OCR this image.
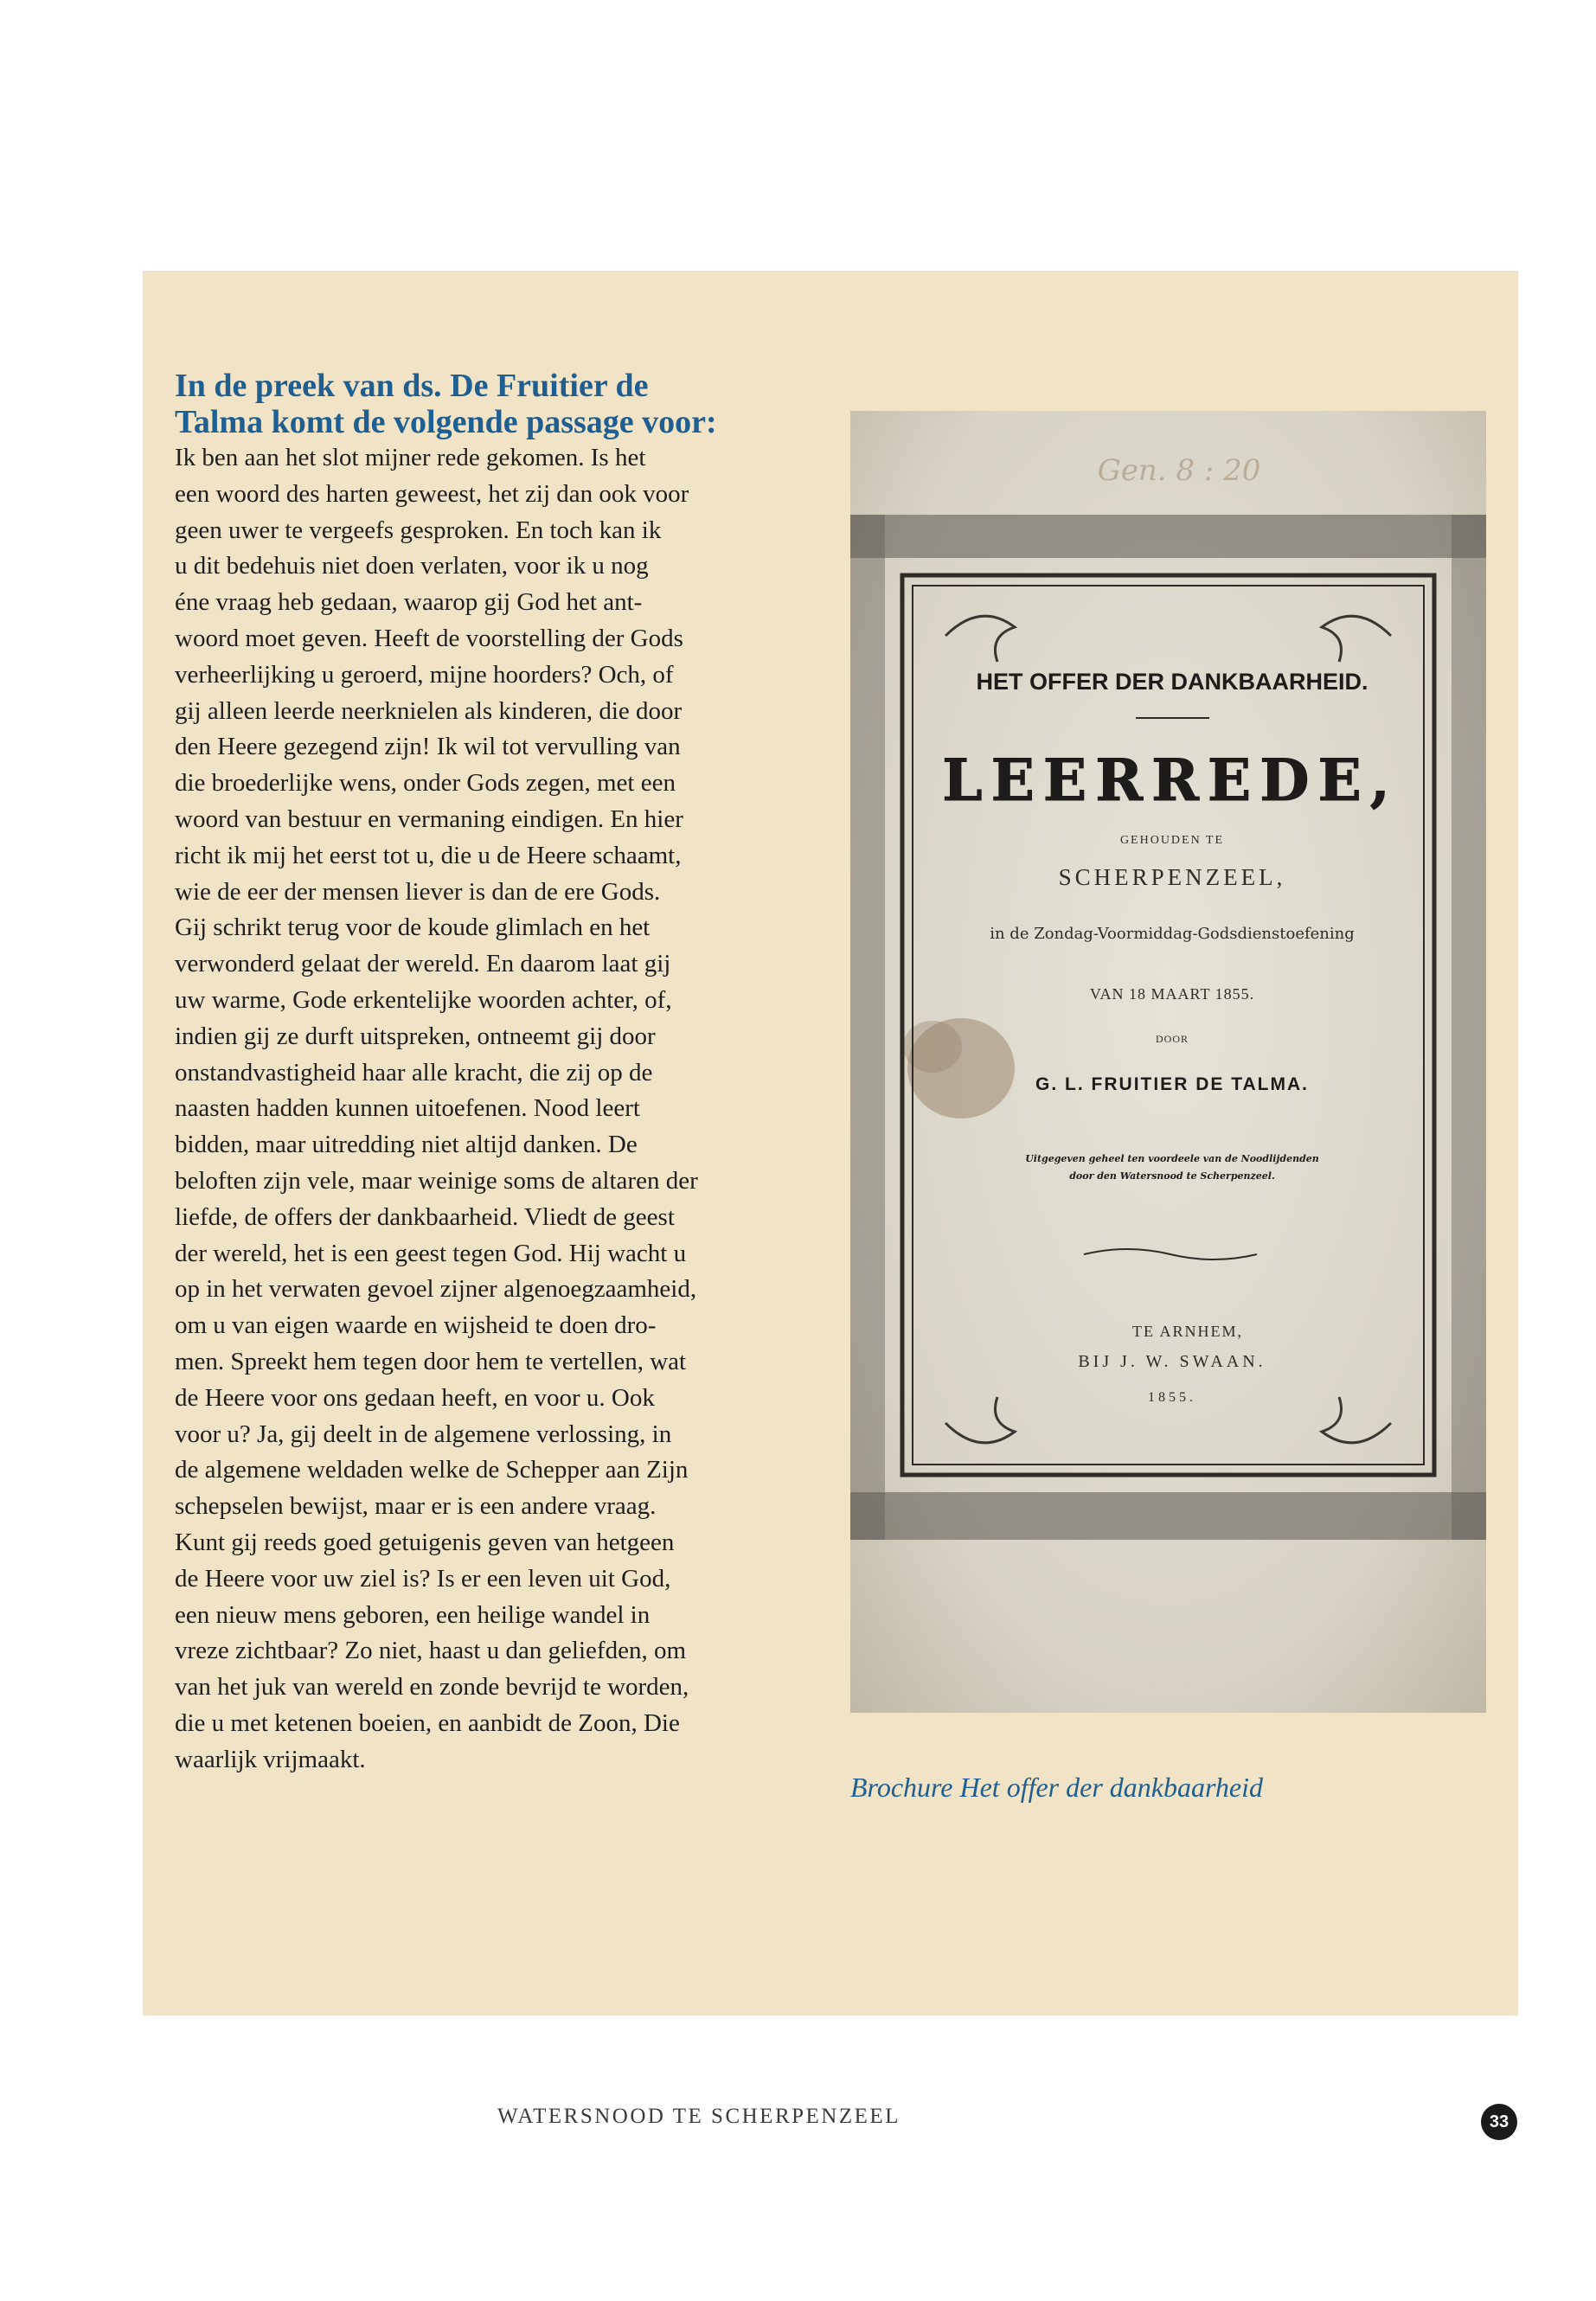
In de preek van ds. De Fruitier de
Talma komt de volgende passage voor:

Ik ben aan het slot mijner rede gekomen. Is het
een woord des harten geweest, het zij dan ook voor
geen uwer te vergeefs gesproken. En toch kan ik
u dit bedehuis niet doen verlaten, voor ik u nog
éne vraag heb gedaan, waarop gij God het ant-
woord moet geven. Heeft de voorstelling der Gods
verheerlijking u geroerd, mijne hoorders? Och, of
gij alleen leerde neerknielen als kinderen, die door
den Heere gezegend zijn! Ik wil tot vervulling van
die broederlijke wens, onder Gods zegen, met een
woord van bestuur en vermaning eindigen. En hier
richt ik mij het eerst tot u, die u de Heere schaamt,
wie de eer der mensen liever is dan de ere Gods.
Gij schrikt terug voor de koude glimlach en het
verwonderd gelaat der wereld. En daarom laat gij
uw warme, Gode erkentelijke woorden achter, of,
indien gij ze durft uitspreken, ontneemt gij door
onstandvastigheid haar alle kracht, die zij op de
naasten hadden kunnen uitoefenen. Nood leert
bidden, maar uitredding niet altijd danken. De
beloften zijn vele, maar weinige soms de altaren der
liefde, de offers der dankbaarheid. Vliedt de geest
der wereld, het is een geest tegen God. Hij wacht u
op in het verwaten gevoel zijner algenoegzaamheid,
om u van eigen waarde en wijsheid te doen dro-
men. Spreekt hem tegen door hem te vertellen, wat
de Heere voor ons gedaan heeft, en voor u. Ook
voor u? Ja, gij deelt in de algemene verlossing, in
de algemene weldaden welke de Schepper aan Zijn
schepselen bewijst, maar er is een andere vraag.
Kunt gij reeds goed getuigenis geven van hetgeen
de Heere voor uw ziel is? Is er een leven uit God,
een nieuw mens geboren, een heilige wandel in
vreze zichtbaar? Zo niet, haast u dan geliefden, om
van het juk van wereld en zonde bevrijd te worden,
die u met ketenen boeien, en aanbidt de Zoon, Die
waarlijk vrijmaakt.

Gen. 8 : 20
HET OFFER DER DANKBAARHEID.
LEERREDE,
GEHOUDEN TE
SCHERPENZEEL,
in de Zondag-Voormiddag-Godsdienstoefening
VAN 18 MAART 1855.
DOOR
G. L. FRUITIER DE TALMA.
Uitgegeven geheel ten voordeele van de Noodlijdenden
door den Watersnood te Scherpenzeel.
TE ARNHEM,
BIJ J. W. SWAAN.
1855.

Brochure Het offer der dankbaarheid

WATERSNOOD TE SCHERPENZEEL	33
